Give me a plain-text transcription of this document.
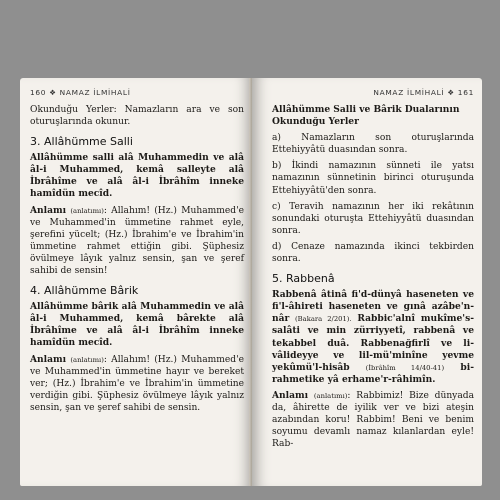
160 ❖ NAMAZ İLMİHALİ

Okunduğu Yerler: Namazların ara ve son oturuşlarında okunur.

3. Allâhümme Salli

Allâhümme salli alâ Muhammedin ve alâ âl-i Muhammed, kemâ salleyte alâ İbrâhîme ve alâ âl-i İbrâhîm inneke hamîdün mecîd.

Anlamı (anlatımı): Allahım! (Hz.) Muhammed'e ve Muhammed'in ümmetine rahmet eyle, şerefini yücelt; (Hz.) İbrahim'e ve İbrahim'in ümmetine rahmet ettiğin gibi. Şüphesiz övülmeye lâyık yalnız sensin, şan ve şeref sahibi de sensin!

4. Allâhümme Bârik

Allâhümme bârik alâ Muhammedin ve alâ âl-i Muhammed, kemâ bârekte alâ İbrâhîme ve alâ âl-i İbrâhîm inneke hamîdün mecîd.

Anlamı (anlatımı): Allahım! (Hz.) Muhammed'e ve Muhammed'in ümmetine hayır ve bereket ver; (Hz.) İbrahim'e ve İbrahim'in ümmetine verdiğin gibi. Şüphesiz övülmeye lâyık yalnız sensin, şan ve şeref sahibi de sensin.

NAMAZ İLMİHALİ ❖ 161

Allâhümme Salli ve Bârik Dualarının Okunduğu Yerler

a) Namazların son oturuşlarında Ettehiyyâtü duasından sonra.

b) İkindi namazının sünneti ile yatsı namazının sünnetinin birinci oturuşunda Ettehiyyâtü'den sonra.

c) Teravih namazının her iki rekâtının sonundaki oturuşta Ettehiyyâtü duasından sonra.

d) Cenaze namazında ikinci tekbirden sonra.

5. Rabbenâ

Rabbenâ âtinâ fi'd-dünyâ haseneten ve fi'l-âhireti haseneten ve gınâ azâbe'n-nâr (Bakara 2/201). Rabbic'alnî mukîme's-salâti ve min zürriyyetî, rabbenâ ve tekabbel duâ. Rabbenağfirlî ve li-vâlideyye ve lil-mü'minîne yevme yekûmü'l-hisâb (İbrâhîm 14/40-41) bi-rahmetike yâ erhame'r-râhimîn.

Anlamı (anlatımı): Rabbimiz! Bize dünyada da, âhirette de iyilik ver ve bizi ateşin azabından koru! Rabbim! Beni ve benim soyumu devamlı namaz kılanlardan eyle! Rab-
